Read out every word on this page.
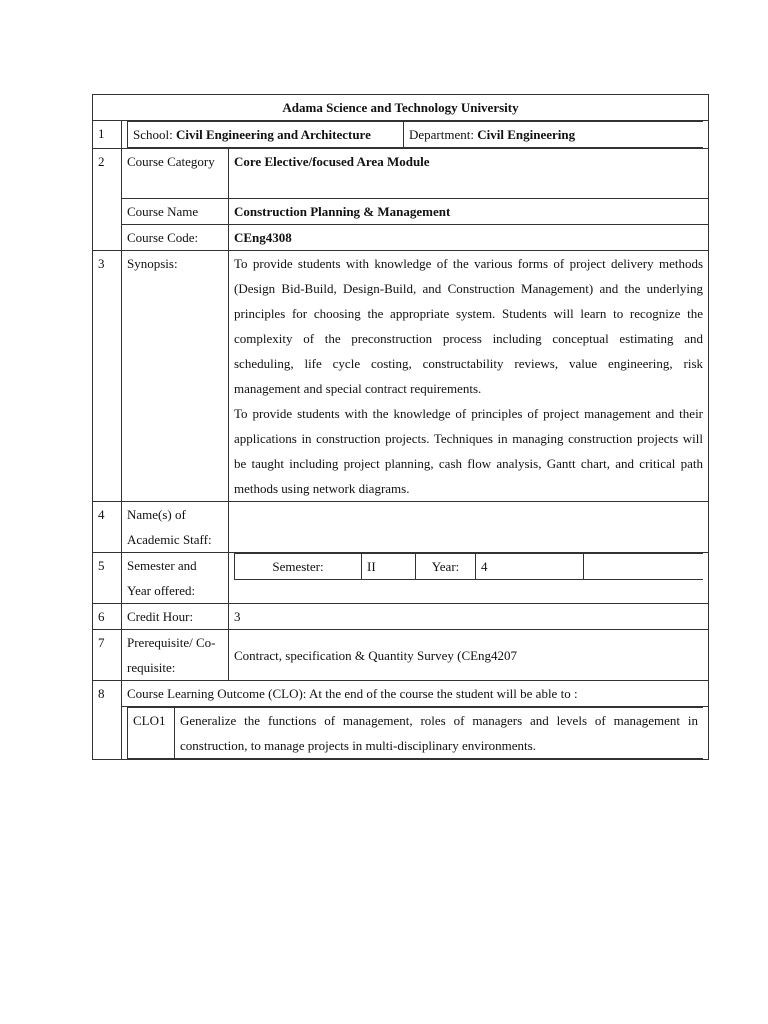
Adama Science and Technology University
1	School: Civil Engineering and Architecture	Department: Civil Engineering

2	Course Category	Core Elective/focused Area Module
Course Name	Construction Planning & Management
Course Code:	CEng4308
3	Synopsis:	To provide students with knowledge of the various forms of project delivery methods (Design Bid-Build, Design-Build, and Construction Management) and the underlying principles for choosing the appropriate system. Students will learn to recognize the complexity of the preconstruction process including conceptual estimating and scheduling, life cycle costing, constructability reviews, value engineering, risk management and special contract requirements.
To provide students with the knowledge of principles of project management and their applications in construction projects. Techniques in managing construction projects will be taught including project planning, cash flow analysis, Gantt chart, and critical path methods using network diagrams.

4	Name(s) of Academic Staff:	
5	Semester and Year offered:	
Semester:	II	Year:	4	

6	Credit Hour:	3
7	Prerequisite/ Co-requisite:	Contract, specification & Quantity Survey (CEng4207
8	Course Learning Outcome (CLO): At the end of the course the student will be able to :

CLO1	Generalize the functions of management, roles of managers and levels of management in construction, to manage projects in multi-disciplinary environments.
